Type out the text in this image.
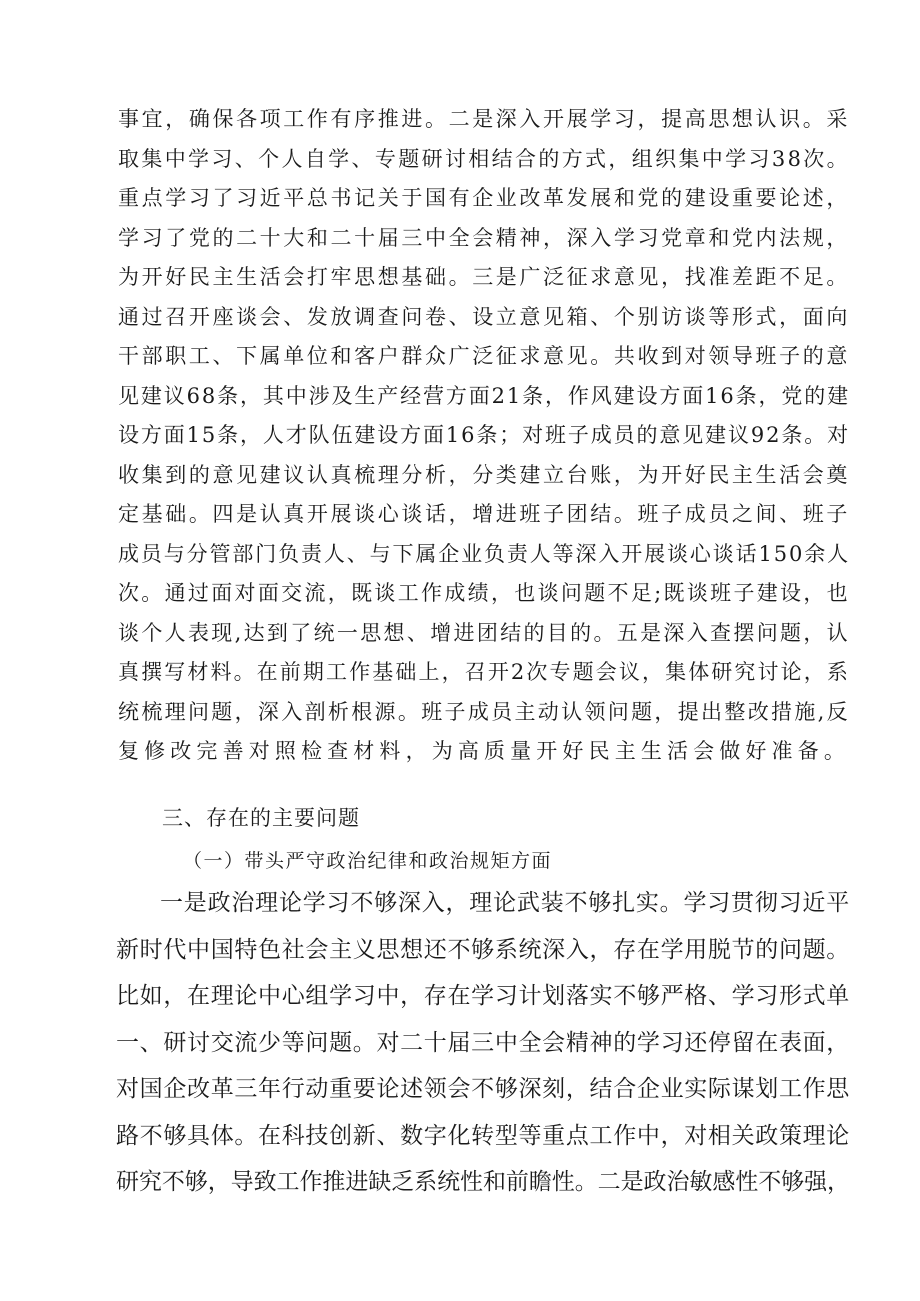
事宜，确保各项工作有序推进。二是深入开展学习，提高思想认识。采
取集中学习、个人自学、专题研讨相结合的方式，组织集中学习38次。
重点学习了习近平总书记关于国有企业改革发展和党的建设重要论述，
学习了党的二十大和二十届三中全会精神，深入学习党章和党内法规，
为开好民主生活会打牢思想基础。三是广泛征求意见，找准差距不足。
通过召开座谈会、发放调查问卷、设立意见箱、个别访谈等形式，面向
干部职工、下属单位和客户群众广泛征求意见。共收到对领导班子的意
见建议68条，其中涉及生产经营方面21条，作风建设方面16条，党的建
设方面15条，人才队伍建设方面16条；对班子成员的意见建议92条。对
收集到的意见建议认真梳理分析，分类建立台账，为开好民主生活会奠
定基础。四是认真开展谈心谈话，增进班子团结。班子成员之间、班子
成员与分管部门负责人、与下属企业负责人等深入开展谈心谈话150余人
次。通过面对面交流，既谈工作成绩，也谈问题不足;既谈班子建设，也
谈个人表现,达到了统一思想、增进团结的目的。五是深入查摆问题，认
真撰写材料。在前期工作基础上，召开2次专题会议，集体研究讨论，系
统梳理问题，深入剖析根源。班子成员主动认领问题，提出整改措施,反
复修改完善对照检查材料，为高质量开好民主生活会做好准备。
三、存在的主要问题
（一）带头严守政治纪律和政治规矩方面
一是政治理论学习不够深入，理论武装不够扎实。学习贯彻习近平
新时代中国特色社会主义思想还不够系统深入，存在学用脱节的问题。
比如，在理论中心组学习中，存在学习计划落实不够严格、学习形式单
一、研讨交流少等问题。对二十届三中全会精神的学习还停留在表面，
对国企改革三年行动重要论述领会不够深刻，结合企业实际谋划工作思
路不够具体。在科技创新、数字化转型等重点工作中，对相关政策理论
研究不够，导致工作推进缺乏系统性和前瞻性。二是政治敏感性不够强，
